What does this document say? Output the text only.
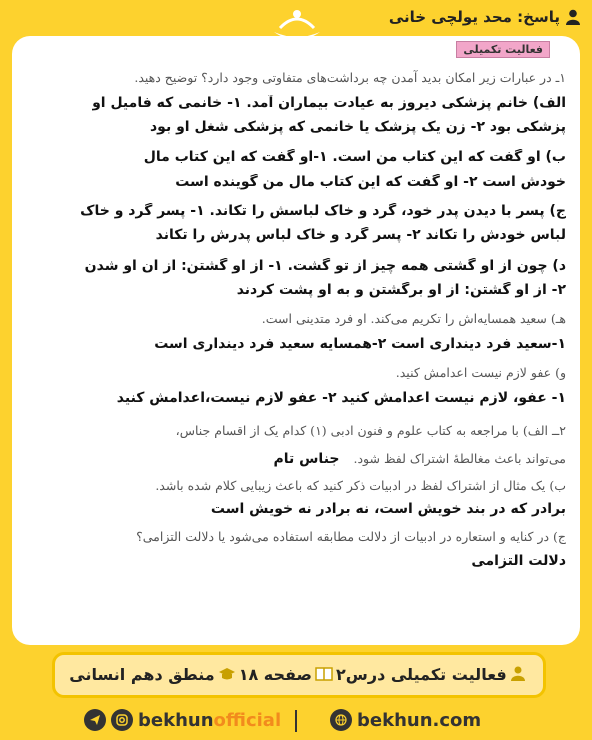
پاسخ: محد یولچی خانی
فعالیت تکمیلی
۱ـ در عبارات زیر امکان بدید آمدن چه برداشت‌های متفاوتی وجود دارد؟ توضیح دهید.
الف) خانم پزشکی دیروز به عیادت بیماران آمد. ۱- خانمی که فامیل او
پزشکی بود ۲- زن یک پزشک یا خانمی که پزشکی شغل او بود
ب) او گفت که این کتاب من است. ۱-او گفت که این کتاب مال
خودش است ۲- او گفت که این کتاب مال من گوینده است
ج) پسر با دیدن پدر خود، گرد و خاک لباسش را تکاند. ۱- پسر گرد و خاک
لباس خودش را تکاند ۲- پسر گرد و خاک لباس پدرش را تکاند
د) چون از او گشتی همه چیز از تو گشت. ۱- از او گشتن: از ان او شدن
۲- از او گشتن: از او برگشتن و به او پشت کردند
هـ) سعید همسایه‌اش را تکریم می‌کند. او فرد متدینی است.
۱-سعید فرد دینداری است ۲-همسایه سعید فرد دینداری است
و) عفو لازم نیست اعدامش کنید.
۱- عفو، لازم نیست اعدامش کنید ۲- عفو لازم نیست،اعدامش کنید
۲ــ الف) با مراجعه به کتاب علوم و فنون ادبی (۱) کدام یک از اقسام جناس،
می‌تواند باعث مغالطهٔ اشتراک لفظ شود.جناس تام
ب) یک مثال از اشتراک لفظ در ادبیات ذکر کنید که باعث زیبایی کلام شده باشد.
برادر که در بند خویش است، نه برادر نه خویش است
ج) در کنایه و استعاره در ادبیات از دلالت مطابقه استفاده می‌شود یا دلالت التزامی؟
دلالت التزامی
فعالیت تکمیلی درس۲صفحه ۱۸منطق دهم انسانی
bekhunofficial	bekhun.com
